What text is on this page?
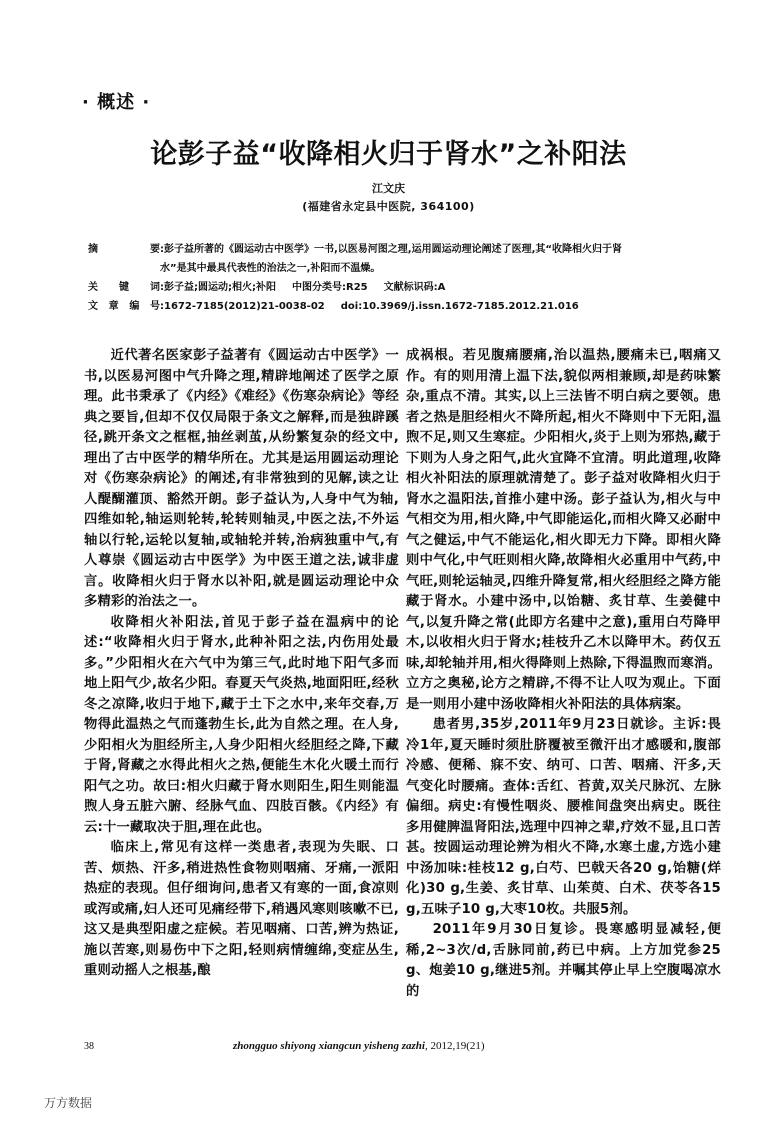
· 概述 ·
论彭子益“收降相火归于肾水”之补阳法
江文庆
(福建省永定县中医院, 364100)
摘	要 :彭子益所著的《圆运动古中医学》一书,以医易河图之理,运用圆运动理论阐述了医理,其“收降相火归于肾
水”是其中最具代表性的治法之一,补阳而不温燥。
关 键 词 :彭子益;圆运动;相火;补阳 中图分类号 :R25 文献标识码 :A
文 章 编 号 :1672-7185(2012)21-0038-02 doi:10.3969/j.issn.1672-7185.2012.21.016

近代著名医家彭子益著有《圆运动古中医学》一书,以医易河图中气升降之理,精辟地阐述了医学之原理。此书秉承了《内经》《难经》《伤寒杂病论》等经典之要旨,但却不仅仅局限于条文之解释,而是独辟蹊径,跳开条文之框框,抽丝剥茧,从纷繁复杂的经文中,理出了古中医学的精华所在。尤其是运用圆运动理论对《伤寒杂病论》的阐述,有非常独到的见解,读之让人醍醐灌顶、豁然开朗。彭子益认为,人身中气为轴,四维如轮,轴运则轮转,轮转则轴灵,中医之法,不外运轴以行轮,运轮以复轴,或轴轮并转,治病独重中气,有人尊崇《圆运动古中医学》为中医王道之法,诚非虚言。收降相火归于肾水以补阳,就是圆运动理论中众多精彩的治法之一。

收降相火补阳法,首见于彭子益在温病中的论述:“收降相火归于肾水,此种补阳之法,内伤用处最多。”少阳相火在六气中为第三气,此时地下阳气多而地上阳气少,故名少阳。春夏天气炎热,地面阳旺,经秋冬之凉降,收归于地下,藏于土下之水中,来年交春,万物得此温热之气而蓬勃生长,此为自然之理。在人身,少阳相火为胆经所主,人身少阳相火经胆经之降,下藏于肾,肾藏之水得此相火之热,便能生木化火暖土而行阳气之功。故曰:相火归藏于肾水则阳生,阳生则能温煦人身五脏六腑、经脉气血、四肢百骸。《内经》有云:十一藏取决于胆,理在此也。

临床上,常见有这样一类患者,表现为失眠、口苦、烦热、汗多,稍进热性食物则咽痛、牙痛,一派阳热症的表现。但仔细询问,患者又有寒的一面,食凉则或泻或痛,妇人还可见痛经带下,稍遇风寒则咳嗽不已,这又是典型阳虚之症候。若见咽痛、口苦,辨为热证,施以苦寒,则易伤中下之阳,轻则病情缠绵,变症丛生,重则动摇人之根基,酿

成祸根。若见腹痛腰痛,治以温热,腰痛未已,咽痛又作。有的则用清上温下法,貌似两相兼顾,却是药味繁杂,重点不清。其实,以上三法皆不明白病之要领。患者之热是胆经相火不降所起,相火不降则中下无阳,温煦不足,则又生寒症。少阳相火,炎于上则为邪热,藏于下则为人身之阳气,此火宜降不宜清。明此道理,收降相火补阳法的原理就清楚了。彭子益对收降相火归于肾水之温阳法,首推小建中汤。彭子益认为,相火与中气相交为用,相火降,中气即能运化,而相火降又必耐中气之健运,中气不能运化,相火即无力下降。即相火降则中气化,中气旺则相火降,故降相火必重用中气药,中气旺,则轮运轴灵,四维升降复常,相火经胆经之降方能藏于肾水。小建中汤中,以饴糖、炙甘草、生姜健中气,以复升降之常(此即方名建中之意),重用白芍降甲木,以收相火归于肾水;桂枝升乙木以降甲木。药仅五味,却轮轴并用,相火得降则上热除,下得温煦而寒消。立方之奥秘,论方之精辟,不得不让人叹为观止。下面是一则用小建中汤收降相火补阳法的具体病案。

患者男,35岁,2011年9月23日就诊。主诉:畏冷1年,夏天睡时须肚脐覆被至微汗出才感暖和,腹部冷感、便稀、寐不安、纳可、口苦、咽痛、汗多,天气变化时腰痛。查体:舌红、苔黄,双关尺脉沉、左脉偏细。病史:有慢性咽炎、腰椎间盘突出病史。既往多用健脾温肾阳法,选理中四神之辈,疗效不显,且口苦甚。按圆运动理论辨为相火不降,水寒土虚,方选小建中汤加味:桂枝12 g,白芍、巴戟天各20 g,饴糖(烊化)30 g,生姜、炙甘草、山茱萸、白术、茯苓各15 g,五味子10 g,大枣10枚。共服5剂。

2011年9月30日复诊。畏寒感明显减轻,便稀,2~3次/d,舌脉同前,药已中病。上方加党参25 g、炮姜10 g,继进5剂。并嘱其停止早上空腹喝凉水的

38	zhongguo shiyong xiangcun yisheng zazhi, 2012,19(21)
万方数据
